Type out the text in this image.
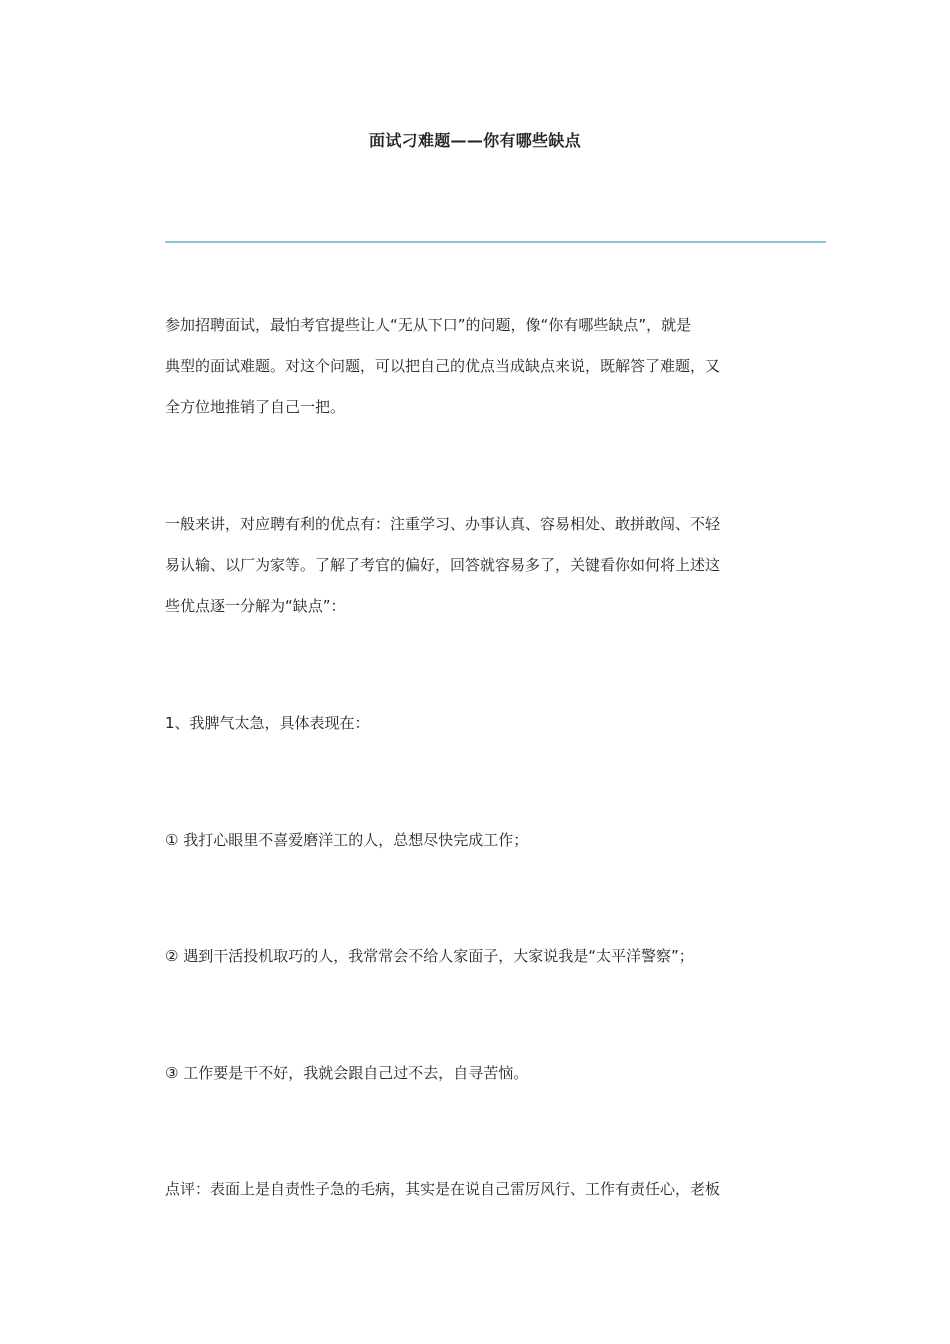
面试刁难题——你有哪些缺点

参加招聘面试，最怕考官提些让人“无从下口”的问题，像“你有哪些缺点”，就是
典型的面试难题。对这个问题，可以把自己的优点当成缺点来说，既解答了难题，又
全方位地推销了自己一把。

一般来讲，对应聘有利的优点有：注重学习、办事认真、容易相处、敢拼敢闯、不轻
易认输、以厂为家等。了解了考官的偏好，回答就容易多了，关键看你如何将上述这
些优点逐一分解为“缺点”：

1、我脾气太急，具体表现在：

① 我打心眼里不喜爱磨洋工的人，总想尽快完成工作；

② 遇到干活投机取巧的人，我常常会不给人家面子，大家说我是“太平洋警察”；

③ 工作要是干不好，我就会跟自己过不去，自寻苦恼。

点评：表面上是自责性子急的毛病，其实是在说自己雷厉风行、工作有责任心，老板
